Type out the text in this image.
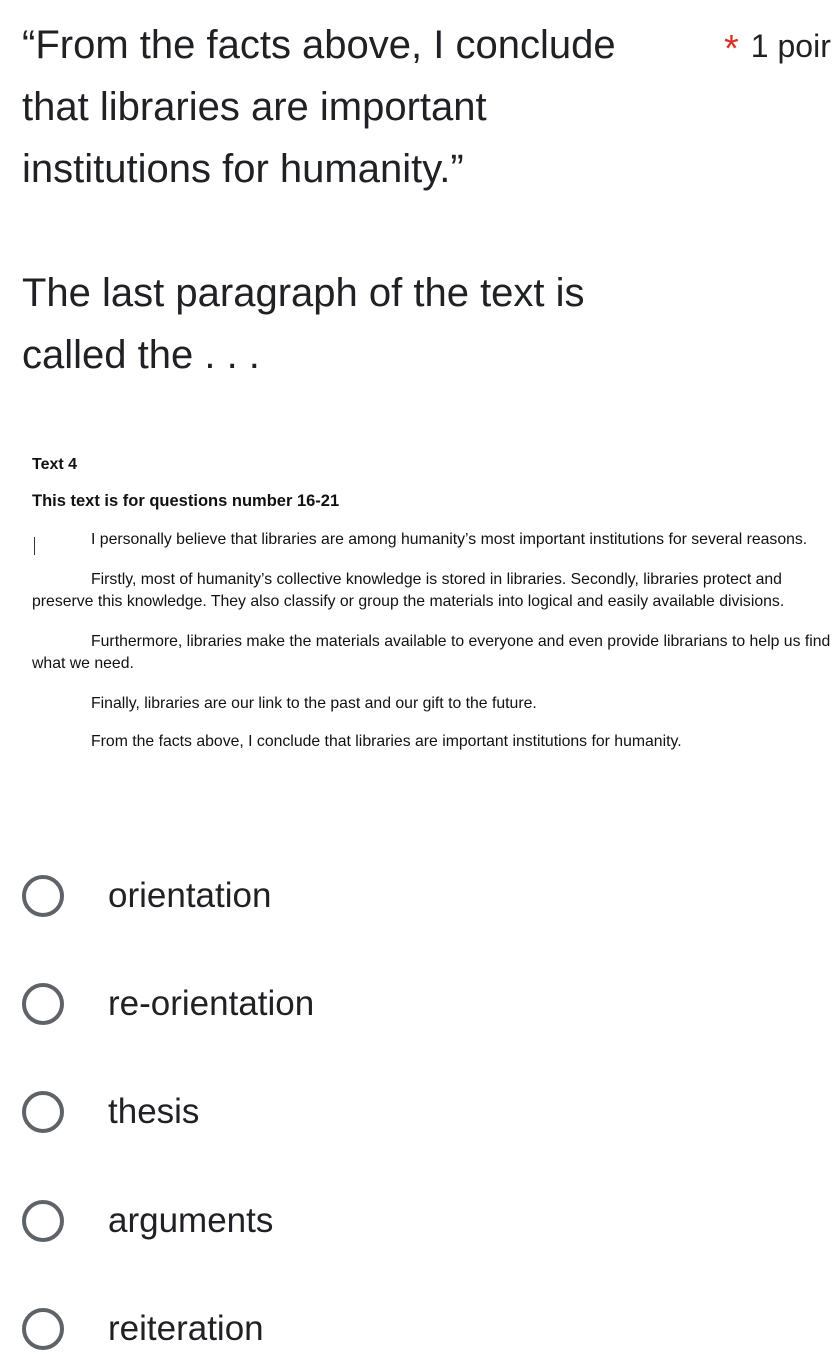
“From the facts above, I conclude
that libraries are important
institutions for humanity.”

The last paragraph of the text is
called the . . .
* 1 poir
Text 4
This text is for questions number 16-21

I personally believe that libraries are among humanity’s most important institutions for several reasons.

Firstly, most of humanity’s collective knowledge is stored in libraries. Secondly, libraries protect and preserve this knowledge. They also classify or group the materials into logical and easily available divisions.

Furthermore, libraries make the materials available to everyone and even provide librarians to help us find what we need.

Finally, libraries are our link to the past and our gift to the future.

From the facts above, I conclude that libraries are important institutions for humanity.

orientation
re-orientation
thesis
arguments
reiteration
